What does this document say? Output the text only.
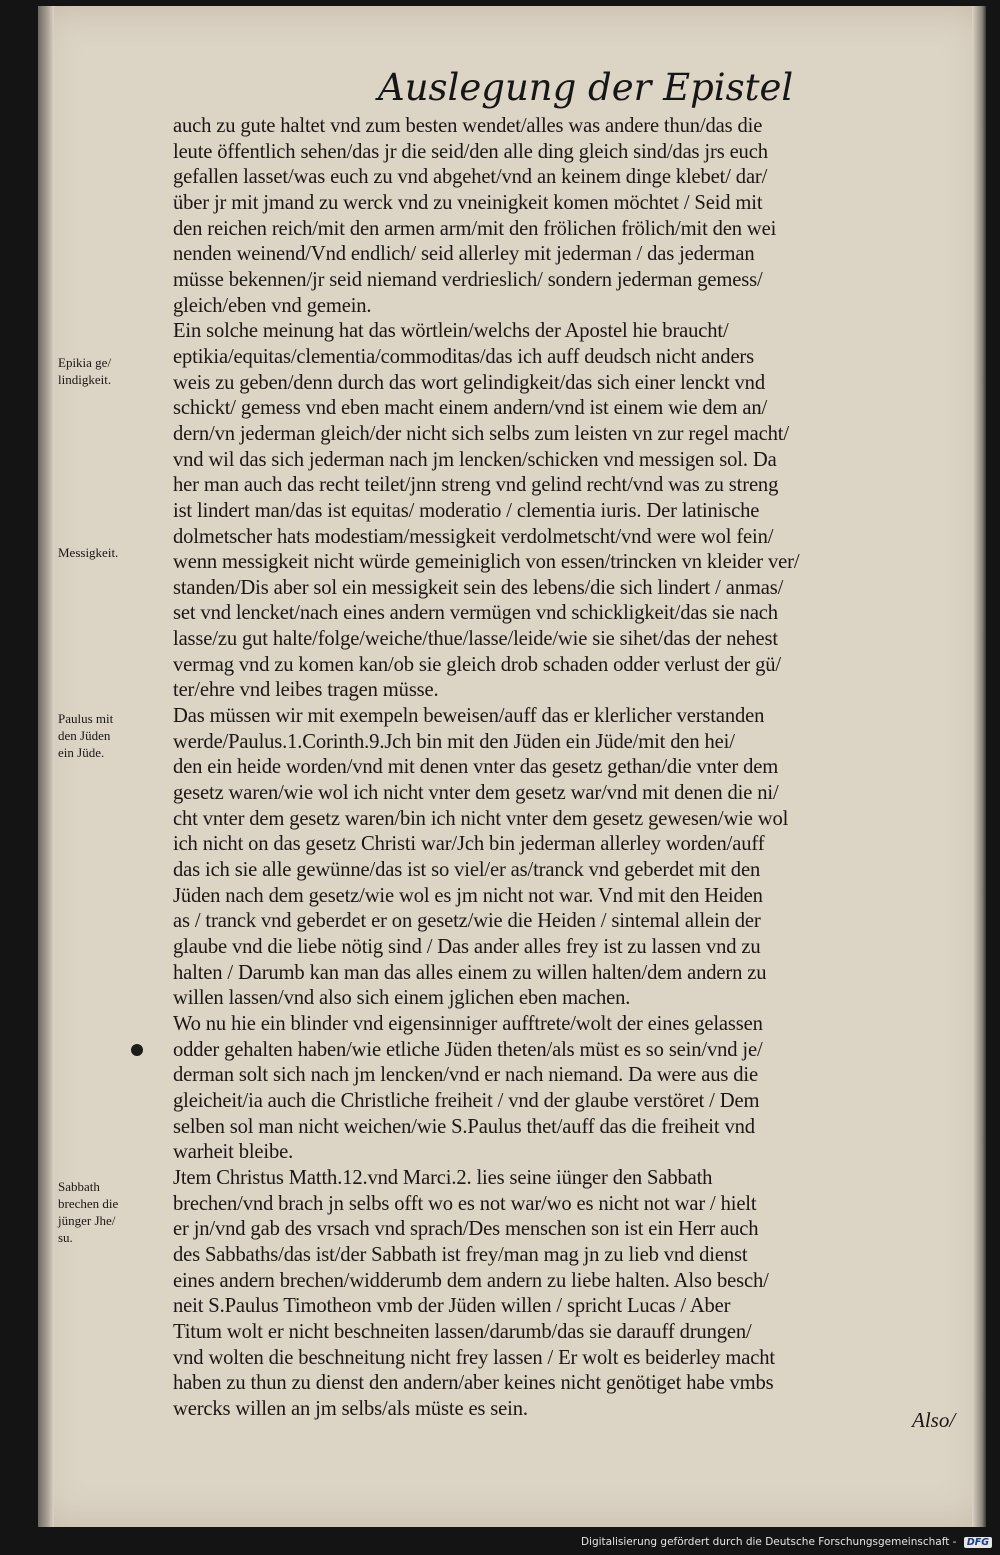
Auslegung der Epistel
auch zu gute haltet vnd zum besten wendet/alles was andere thun/das die
leute öffentlich sehen/das jr die seid/den alle ding gleich sind/das jrs euch
gefallen lasset/was euch zu vnd abgehet/vnd an keinem dinge klebet/ dar/
über jr mit jmand zu werck vnd zu vneinigkeit komen möchtet / Seid mit
den reichen reich/mit den armen arm/mit den frölichen frölich/mit den wei
nenden weinend/Vnd endlich/ seid allerley mit jederman / das jederman
müsse bekennen/jr seid niemand verdrieslich/ sondern jederman gemess/
gleich/eben vnd gemein.
Ein solche meinung hat das wörtlein/welchs der Apostel hie braucht/
eptikia/equitas/clementia/commoditas/das ich auff deudsch nicht anders
weis zu geben/denn durch das wort gelindigkeit/das sich einer lenckt vnd
schickt/ gemess vnd eben macht einem andern/vnd ist einem wie dem an/
dern/vn jederman gleich/der nicht sich selbs zum leisten vn zur regel macht/
vnd wil das sich jederman nach jm lencken/schicken vnd messigen sol. Da
her man auch das recht teilet/jnn streng vnd gelind recht/vnd was zu streng
ist lindert man/das ist equitas/ moderatio / clementia iuris. Der latinische
dolmetscher hats modestiam/messigkeit verdolmetscht/vnd were wol fein/
wenn messigkeit nicht würde gemeiniglich von essen/trincken vn kleider ver/
standen/Dis aber sol ein messigkeit sein des lebens/die sich lindert / anmas/
set vnd lencket/nach eines andern vermügen vnd schickligkeit/das sie nach
lasse/zu gut halte/folge/weiche/thue/lasse/leide/wie sie sihet/das der nehest
vermag vnd zu komen kan/ob sie gleich drob schaden odder verlust der gü/
ter/ehre vnd leibes tragen müsse.
Das müssen wir mit exempeln beweisen/auff das er klerlicher verstanden
werde/Paulus.1.Corinth.9.Jch bin mit den Jüden ein Jüde/mit den hei/
den ein heide worden/vnd mit denen vnter das gesetz gethan/die vnter dem
gesetz waren/wie wol ich nicht vnter dem gesetz war/vnd mit denen die ni/
cht vnter dem gesetz waren/bin ich nicht vnter dem gesetz gewesen/wie wol
ich nicht on das gesetz Christi war/Jch bin jederman allerley worden/auff
das ich sie alle gewünne/das ist so viel/er as/tranck vnd geberdet mit den
Jüden nach dem gesetz/wie wol es jm nicht not war. Vnd mit den Heiden
as / tranck vnd geberdet er on gesetz/wie die Heiden / sintemal allein der
glaube vnd die liebe nötig sind / Das ander alles frey ist zu lassen vnd zu
halten / Darumb kan man das alles einem zu willen halten/dem andern zu
willen lassen/vnd also sich einem jglichen eben machen.
Wo nu hie ein blinder vnd eigensinniger aufftrete/wolt der eines gelassen
odder gehalten haben/wie etliche Jüden theten/als müst es so sein/vnd je/
derman solt sich nach jm lencken/vnd er nach niemand. Da were aus die
gleicheit/ia auch die Christliche freiheit / vnd der glaube verstöret / Dem
selben sol man nicht weichen/wie S.Paulus thet/auff das die freiheit vnd
warheit bleibe.
Jtem Christus Matth.12.vnd Marci.2. lies seine iünger den Sabbath
brechen/vnd brach jn selbs offt wo es not war/wo es nicht not war / hielt
er jn/vnd gab des vrsach vnd sprach/Des menschen son ist ein Herr auch
des Sabbaths/das ist/der Sabbath ist frey/man mag jn zu lieb vnd dienst
eines andern brechen/widderumb dem andern zu liebe halten. Also besch/
neit S.Paulus Timotheon vmb der Jüden willen / spricht Lucas / Aber
Titum wolt er nicht beschneiten lassen/darumb/das sie darauff drungen/
vnd wolten die beschneitung nicht frey lassen / Er wolt es beiderley macht
haben zu thun zu dienst den andern/aber keines nicht genötiget habe vmbs
wercks willen an jm selbs/als müste es sein.
Epikia ge/
lindigkeit.
Messigkeit.
Paulus mit
den Jüden
ein Jüde.
Sabbath
brechen die
jünger Jhe/
su.
Also/
Digitalisierung gefördert durch die Deutsche Forschungsgemeinschaft - DFG
